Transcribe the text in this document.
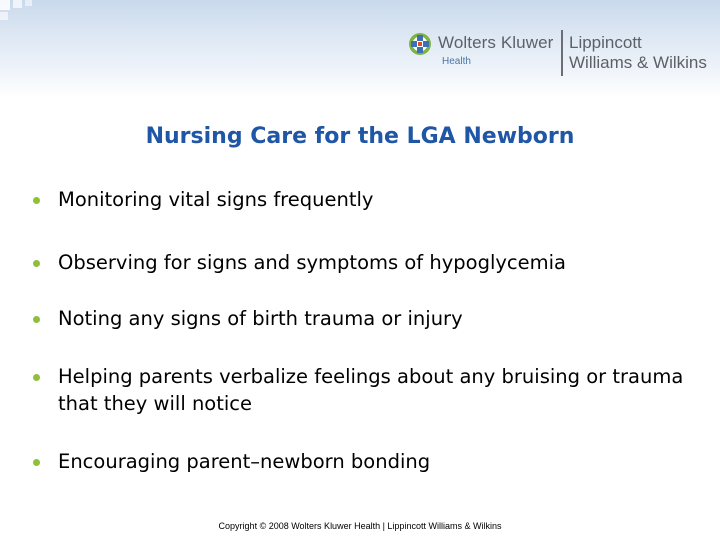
Wolters Kluwer
Health
Lippincott
Williams & Wilkins
Nursing Care for the LGA Newborn
Monitoring vital signs frequently
Observing for signs and symptoms of hypoglycemia
Noting any signs of birth trauma or injury
Helping parents verbalize feelings about any bruising or trauma that they will notice
Encouraging parent–newborn bonding
Copyright © 2008 Wolters Kluwer Health | Lippincott Williams & Wilkins
